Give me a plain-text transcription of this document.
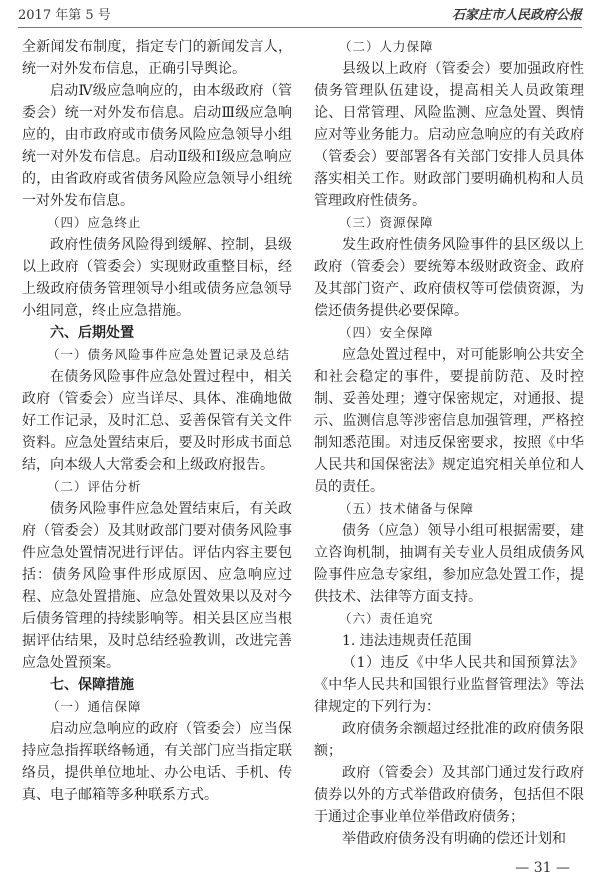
2017 年第 5 号	石家庄市人民政府公报

全新闻发布制度，指定专门的新闻发言人，统一对外发布信息，正确引导舆论。

启动Ⅳ级应急响应的，由本级政府（管委会）统一对外发布信息。启动Ⅲ级应急响应的，由市政府或市债务风险应急领导小组统一对外发布信息。启动Ⅱ级和Ⅰ级应急响应的，由省政府或省债务风险应急领导小组统一对外发布信息。

（四）应急终止

政府性债务风险得到缓解、控制，县级以上政府（管委会）实现财政重整目标，经上级政府债务管理领导小组或债务应急领导小组同意，终止应急措施。

六、后期处置

（一）债务风险事件应急处置记录及总结

在债务风险事件应急处置过程中，相关政府（管委会）应当详尽、具体、准确地做好工作记录，及时汇总、妥善保管有关文件资料。应急处置结束后，要及时形成书面总结，向本级人大常委会和上级政府报告。

（二）评估分析

债务风险事件应急处置结束后，有关政府（管委会）及其财政部门要对债务风险事件应急处置情况进行评估。评估内容主要包括：债务风险事件形成原因、应急响应过程、应急处置措施、应急处置效果以及对今后债务管理的持续影响等。相关县区应当根据评估结果，及时总结经验教训，改进完善应急处置预案。

七、保障措施

（一）通信保障

启动应急响应的政府（管委会）应当保持应急指挥联络畅通，有关部门应当指定联络员，提供单位地址、办公电话、手机、传真、电子邮箱等多种联系方式。

（二）人力保障

县级以上政府（管委会）要加强政府性债务管理队伍建设，提高相关人员政策理论、日常管理、风险监测、应急处置、舆情应对等业务能力。启动应急响应的有关政府（管委会）要部署各有关部门安排人员具体落实相关工作。财政部门要明确机构和人员管理政府性债务。

（三）资源保障

发生政府性债务风险事件的县区级以上政府（管委会）要统筹本级财政资金、政府及其部门资产、政府债权等可偿债资源，为偿还债务提供必要保障。

（四）安全保障

应急处置过程中，对可能影响公共安全和社会稳定的事件，要提前防范、及时控制、妥善处理；遵守保密规定，对通报、提示、监测信息等涉密信息加强管理，严格控制知悉范围。对违反保密要求，按照《中华人民共和国保密法》规定追究相关单位和人员的责任。

（五）技术储备与保障

债务（应急）领导小组可根据需要，建立咨询机制，抽调有关专业人员组成债务风险事件应急专家组，参加应急处置工作，提供技术、法律等方面支持。

（六）责任追究

1. 违法违规责任范围

（1）违反《中华人民共和国预算法》《中华人民共和国银行业监督管理法》等法律规定的下列行为：

政府债务余额超过经批准的政府债务限额；

政府（管委会）及其部门通过发行政府债券以外的方式举借政府债务，包括但不限于通过企事业单位举借政府债务；

举借政府债务没有明确的偿还计划和

— 31 —
